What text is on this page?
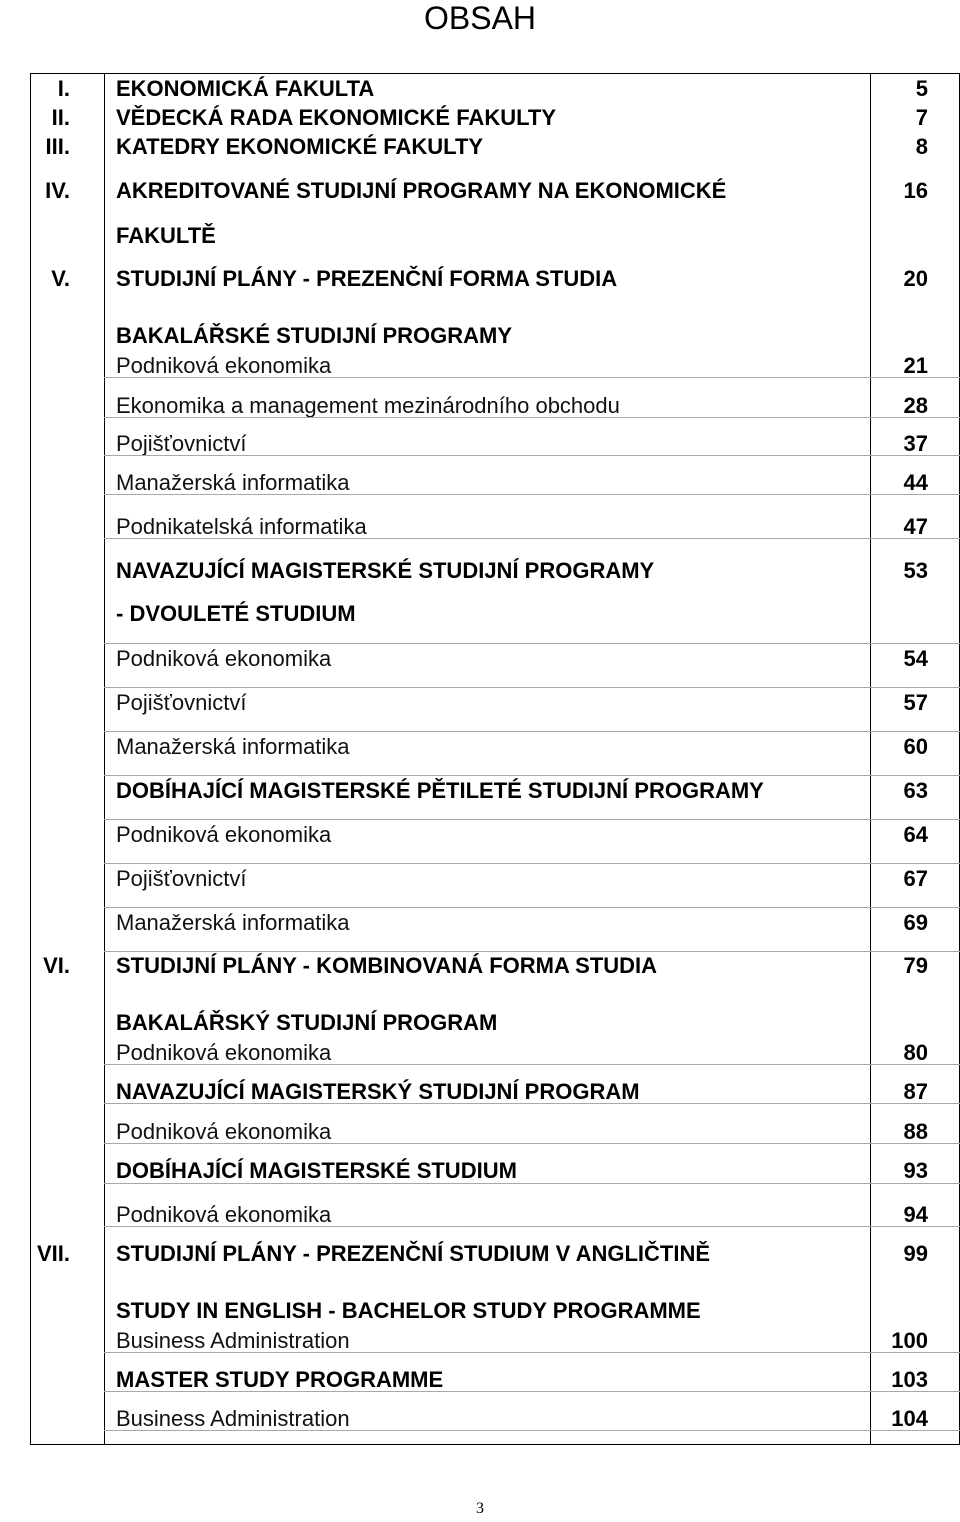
OBSAH
I. EKONOMICKÁ FAKULTA	5
II. VĚDECKÁ RADA EKONOMICKÉ FAKULTY	7
III. KATEDRY EKONOMICKÉ FAKULTY	8
IV. AKREDITOVANÉ STUDIJNÍ PROGRAMY NA EKONOMICKÉ	16
FAKULTĚ
V. STUDIJNÍ PLÁNY - PREZENČNÍ FORMA STUDIA	20
BAKALÁŘSKÉ STUDIJNÍ PROGRAMY
Podniková ekonomika	21
Ekonomika a management mezinárodního obchodu	28
Pojišťovnictví	37
Manažerská informatika	44
Podnikatelská informatika	47
NAVAZUJÍCÍ MAGISTERSKÉ STUDIJNÍ PROGRAMY	53
- DVOULETÉ STUDIUM
Podniková ekonomika	54
Pojišťovnictví	57
Manažerská informatika	60
DOBÍHAJÍCÍ MAGISTERSKÉ PĚTILETÉ STUDIJNÍ PROGRAMY	63
Podniková ekonomika	64
Pojišťovnictví	67
Manažerská informatika	69
VI. STUDIJNÍ PLÁNY - KOMBINOVANÁ FORMA STUDIA	79
BAKALÁŘSKÝ STUDIJNÍ PROGRAM
Podniková ekonomika	80
NAVAZUJÍCÍ MAGISTERSKÝ STUDIJNÍ PROGRAM	87
Podniková ekonomika	88
DOBÍHAJÍCÍ MAGISTERSKÉ STUDIUM	93
Podniková ekonomika	94
VII. STUDIJNÍ PLÁNY - PREZENČNÍ STUDIUM V ANGLIČTINĚ	99
STUDY IN ENGLISH - BACHELOR STUDY PROGRAMME
Business Administration	100
MASTER STUDY PROGRAMME	103
Business Administration	104
3
